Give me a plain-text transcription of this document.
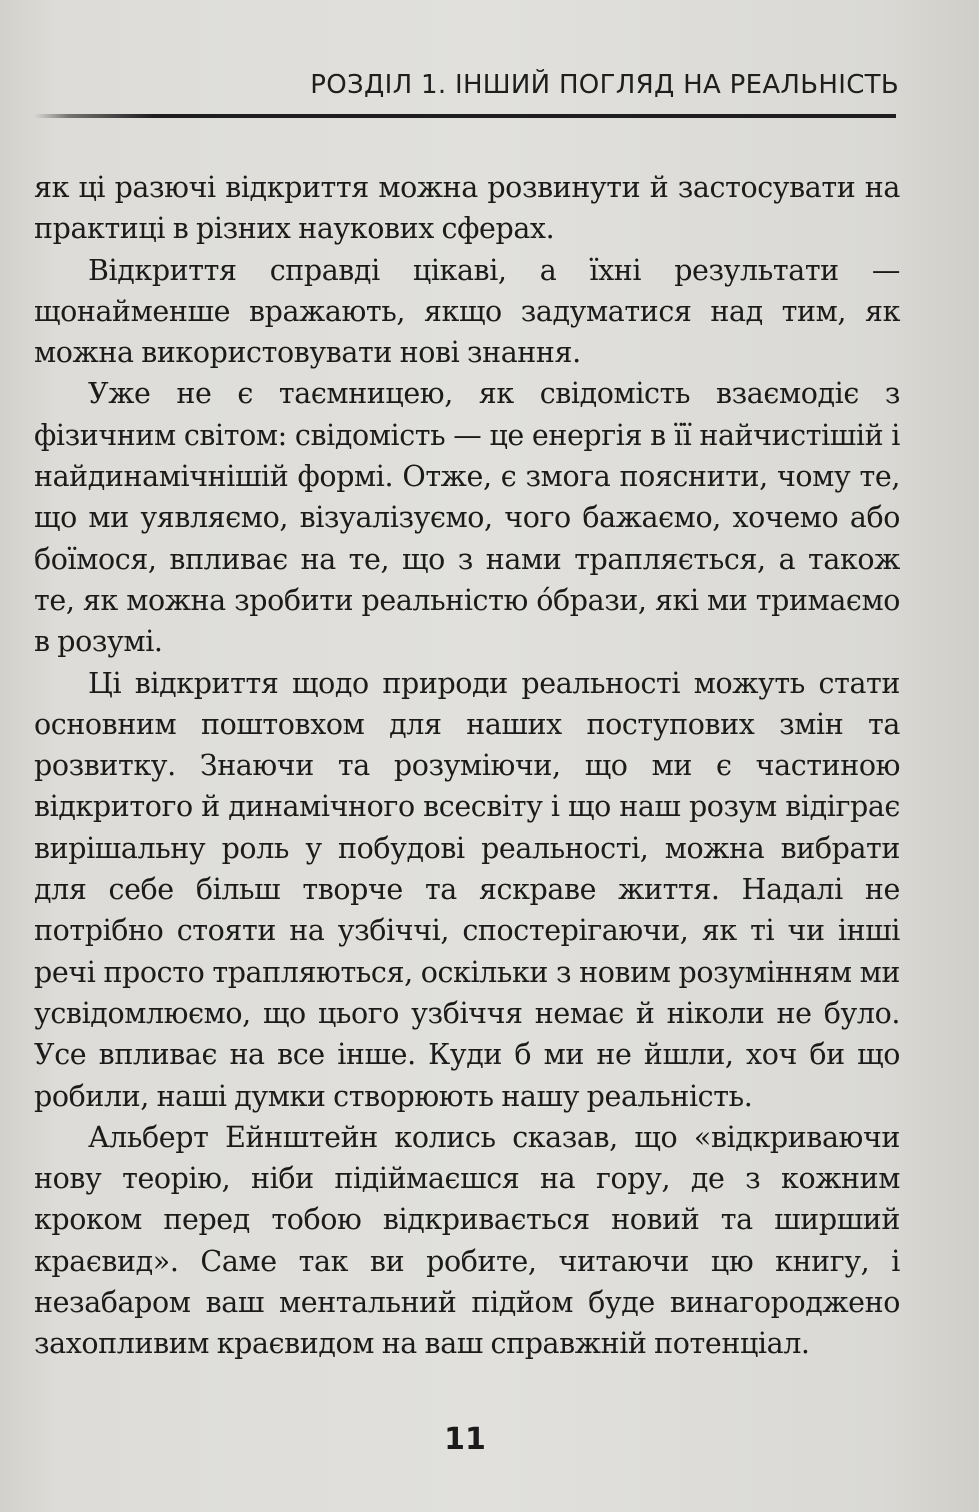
РОЗДІЛ 1. ІНШИЙ ПОГЛЯД НА РЕАЛЬНІСТЬ

як ці разючі відкриття можна розвинути й застосувати на практиці в різних наукових сферах.

Відкриття справді цікаві, а їхні результати — щонайменше вражають, якщо задуматися над тим, як можна використовувати нові знання.

Уже не є таємницею, як свідомість взаємодіє з фізичним світом: свідомість — це енергія в її найчистішій і найдинамічнішій формі. Отже, є змога пояснити, чому те, що ми уявляємо, візуалізуємо, чого бажаємо, хочемо або боїмося, впливає на те, що з нами трапляється, а також те, як можна зробити реальністю óбрази, які ми тримаємо в розумі.

Ці відкриття щодо природи реальності можуть стати основним поштовхом для наших поступових змін та розвитку. Знаючи та розуміючи, що ми є частиною відкритого й динамічного всесвіту і що наш розум відіграє вирішальну роль у побудові реальності, можна вибрати для себе більш творче та яскраве життя. Надалі не потрібно стояти на узбіччі, спостерігаючи, як ті чи інші речі просто трапляються, оскільки з новим розумінням ми усвідомлюємо, що цього узбіччя немає й ніколи не було. Усе впливає на все інше. Куди б ми не йшли, хоч би що робили, наші думки створюють нашу реальність.

Альберт Ейнштейн колись сказав, що «відкриваючи нову теорію, ніби підіймаєшся на гору, де з кожним кроком перед тобою відкривається новий та ширший краєвид». Саме так ви робите, читаючи цю книгу, і незабаром ваш ментальний підйом буде винагороджено захопливим краєвидом на ваш справжній потенціал.

11
